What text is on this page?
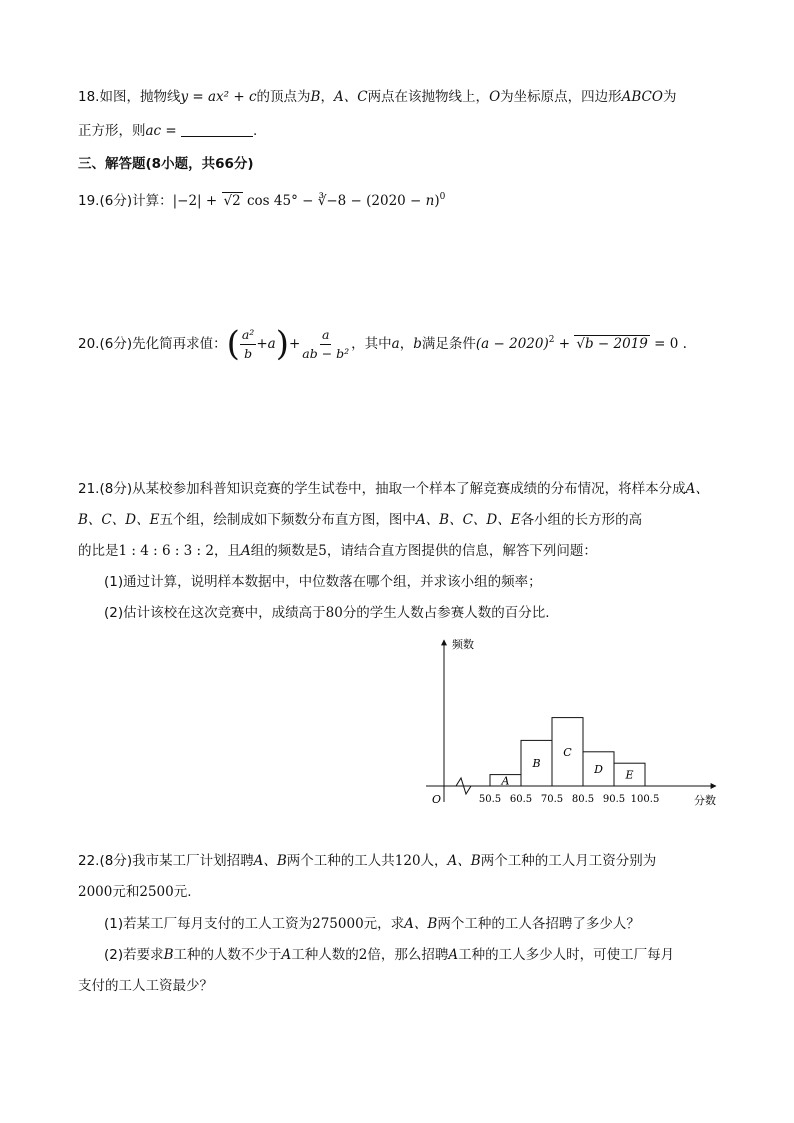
18.如图，抛物线y = ax² + c的顶点为B，A、C两点在该抛物线上，O为坐标原点，四边形ABCO为
正方形，则ac =	.
三、解答题(8小题，共66分)
19.(6分)计算：|−2| + √2 cos 45° − ∛−8 − $(2020 - n)^0$
20.(6分)先化简再求值：( $\frac{\text{a²}}{b} +a)+ \frac{a}{\text{ab − b²}}$ ，其中a，b满足条件$(a - 2020)^2 + √b - 2019 = 0$ .
21.(8分)从某校参加科普知识竞赛的学生试卷中，抽取一个样本了解竞赛成绩的分布情况，将样本分成A、
B、C、D、E五个组，绘制成如下频数分布直方图，图中A、B、C、D、E各小组的长方形的高
的比是1 : 4 : 6 : 3 : 2，且A组的频数是5，请结合直方图提供的信息，解答下列问题：
(1)通过计算，说明样本数据中，中位数落在哪个组，并求该小组的频率；
(2)估计该校在这次竞赛中，成绩高于80分的学生人数占参赛人数的百分比.
频数
分数
O
A
B
C
D E
50.5 60.5 70.5 80.5 90.5 100.5
22.(8分)我市某工厂计划招聘A、B两个工种的工人共120人，A、B两个工种的工人月工资分别为
2000元和2500元.
(1)若某工厂每月支付的工人工资为275000元，求A、B两个工种的工人各招聘了多少人？
(2)若要求B工种的人数不少于A工种人数的2倍，那么招聘A工种的工人多少人时，可使工厂每月
支付的工人工资最少？
